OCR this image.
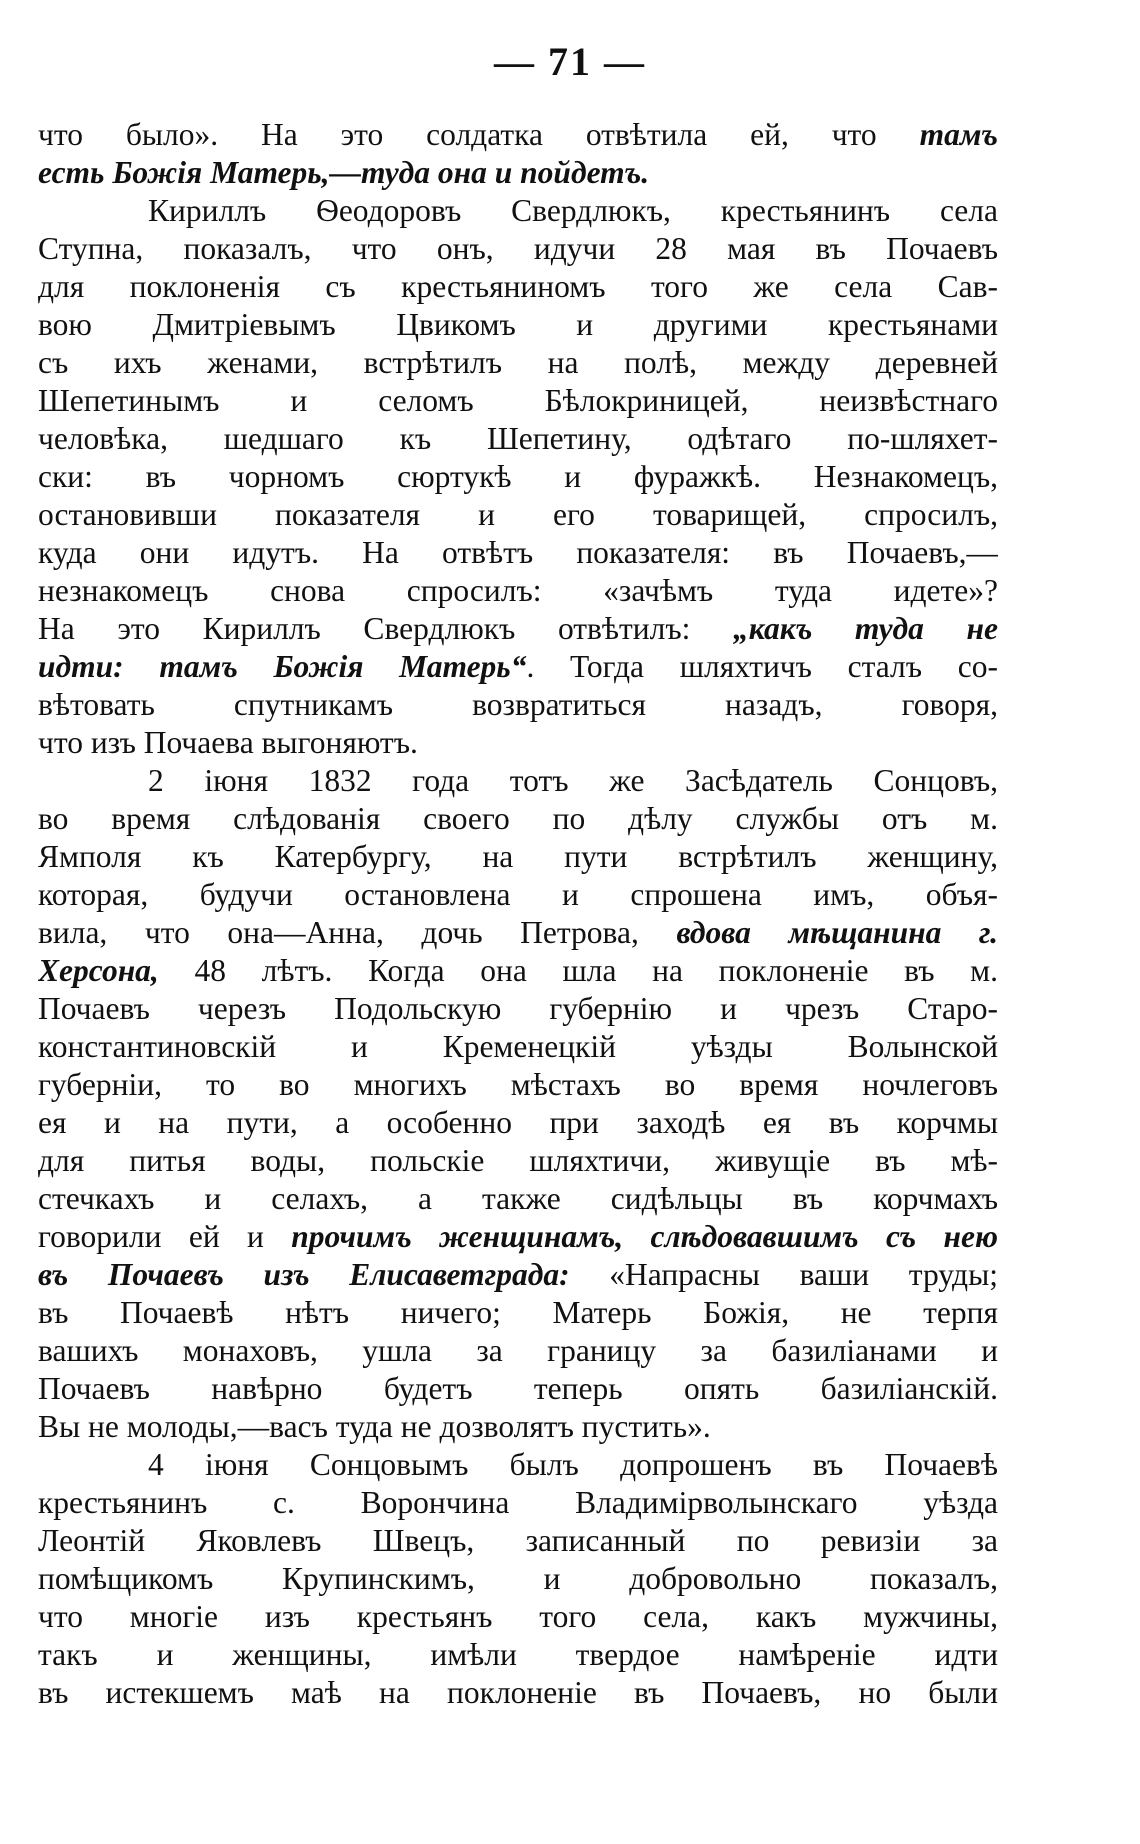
— 71 —
что было». На это солдатка отвѣтила ей, что тамъ
есть Божія Матерь,—туда она и пойдетъ.
Кириллъ Ѳеодоровъ Свердлюкъ, крестьянинъ села
Ступна, показалъ, что онъ, идучи 28 мая въ Почаевъ
для поклоненія съ крестьяниномъ того же села Сав-
вою Дмитріевымъ Цвикомъ и другими крестьянами
съ ихъ женами, встрѣтилъ на полѣ, между деревней
Шепетинымъ и селомъ Бѣлокриницей, неизвѣстнаго
человѣка, шедшаго къ Шепетину, одѣтаго по-шляхет-
ски: въ чорномъ сюртукѣ и фуражкѣ. Незнакомецъ,
остановивши показателя и его товарищей, спросилъ,
куда они идутъ. На отвѣтъ показателя: въ Почаевъ,—
незнакомецъ снова спросилъ: «зачѣмъ туда идете»?
На это Кириллъ Свердлюкъ отвѣтилъ: „какъ туда не
идти: тамъ Божія Матерь“. Тогда шляхтичъ сталъ со-
вѣтовать спутникамъ возвратиться назадъ, говоря,
что изъ Почаева выгоняютъ.
2 іюня 1832 года тотъ же Засѣдатель Сонцовъ,
во время слѣдованія своего по дѣлу службы отъ м.
Ямполя къ Катербургу, на пути встрѣтилъ женщину,
которая, будучи остановлена и спрошена имъ, объя-
вила, что она—Анна, дочь Петрова, вдова мѣщанина г.
Херсона, 48 лѣтъ. Когда она шла на поклоненіе въ м.
Почаевъ черезъ Подольскую губернію и чрезъ Старо-
константиновскій и Кременецкій уѣзды Волынской
губерніи, то во многихъ мѣстахъ во время ночлеговъ
ея и на пути, а особенно при заходѣ ея въ корчмы
для питья воды, польскіе шляхтичи, живущіе въ мѣ-
стечкахъ и селахъ, а также сидѣльцы въ корчмахъ
говорили ей и прочимъ женщинамъ, слѣдовавшимъ съ нею
въ Почаевъ изъ Елисаветграда: «Напрасны ваши труды;
въ Почаевѣ нѣтъ ничего; Матерь Божія, не терпя
вашихъ монаховъ, ушла за границу за базиліанами и
Почаевъ навѣрно будетъ теперь опять базиліанскій.
Вы не молоды,—васъ туда не дозволятъ пустить».
4 іюня Сонцовымъ былъ допрошенъ въ Почаевѣ
крестьянинъ с. Ворончина Владимірволынскаго уѣзда
Леонтій Яковлевъ Швецъ, записанный по ревизіи за
помѣщикомъ Крупинскимъ, и добровольно показалъ,
что многіе изъ крестьянъ того села, какъ мужчины,
такъ и женщины, имѣли твердое намѣреніе идти
въ истекшемъ маѣ на поклоненіе въ Почаевъ, но были
